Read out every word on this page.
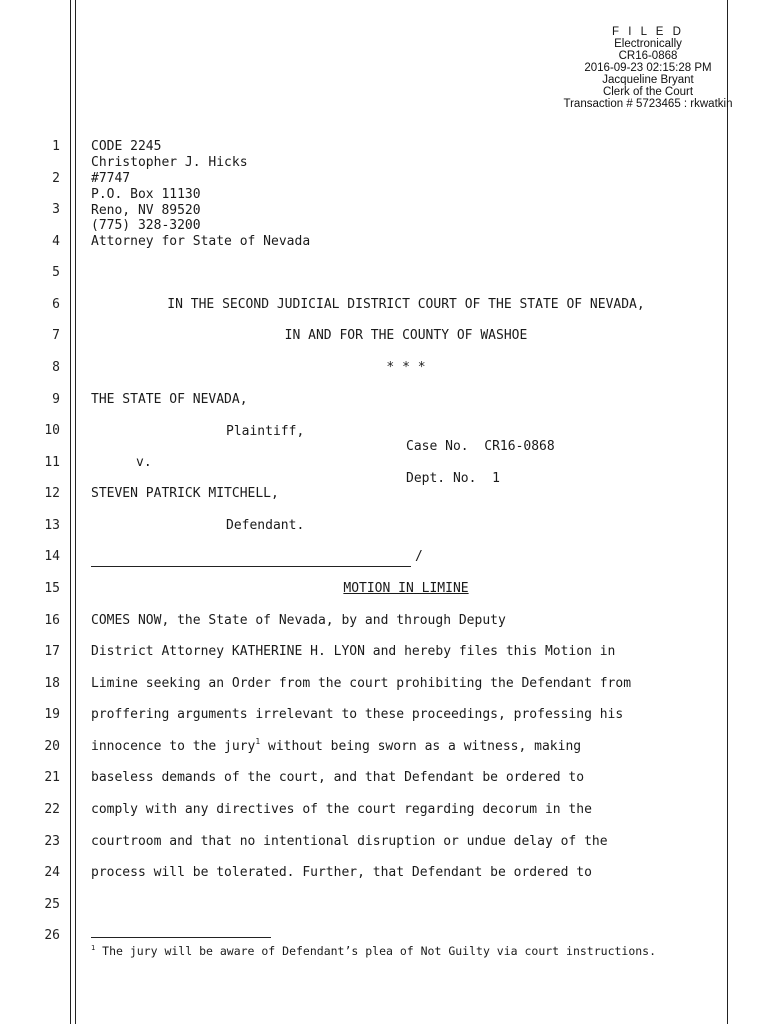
F I L E D
Electronically
CR16-0868
2016-09-23 02:15:28 PM
Jacqueline Bryant
Clerk of the Court
Transaction # 5723465 : rkwatkin
1
2
3
4
5
6
7
8
9
10
11
12
13
14
15
16
17
18
19
20
21
22
23
24
25
26
CODE 2245
Christopher J. Hicks
#7747
P.O. Box 11130
Reno, NV 89520
(775) 328-3200
Attorney for State of Nevada
IN THE SECOND JUDICIAL DISTRICT COURT OF THE STATE OF NEVADA,
IN AND FOR THE COUNTY OF WASHOE
* * *
THE STATE OF NEVADA,
Plaintiff,
Case No.  CR16-0868
v.
Dept. No.  1
STEVEN PATRICK MITCHELL,
Defendant.
/
MOTION IN LIMINE
COMES NOW, the State of Nevada, by and through Deputy
District Attorney KATHERINE H. LYON and hereby files this Motion in
Limine seeking an Order from the court prohibiting the Defendant from
proffering arguments irrelevant to these proceedings, professing his
innocence to the jury$^1$ without being sworn as a witness, making
baseless demands of the court, and that Defendant be ordered to
comply with any directives of the court regarding decorum in the
courtroom and that no intentional disruption or undue delay of the
process will be tolerated. Further, that Defendant be ordered to
$^1$ The jury will be aware of Defendant’s plea of Not Guilty via court instructions.
